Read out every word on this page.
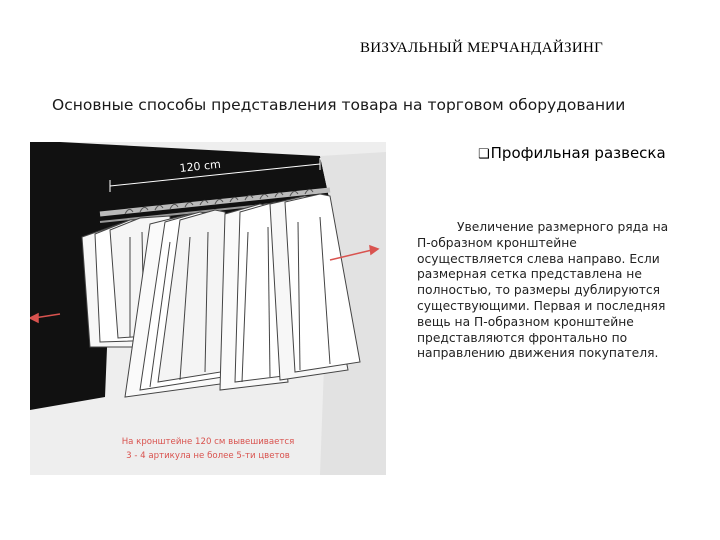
ВИЗУАЛЬНЫЙ МЕРЧАНДАЙЗИНГ
Основные способы представления товара на торговом оборудовании
❑Профильная развеска
Увеличение размерного ряда на П-образном кронштейне осуществляется слева направо. Если размерная сетка представлена не полностью, то размеры дублируются существующими. Первая и последняя вещь на П-образном кронштейне представляются фронтально по направлению движения покупателя.
120 cm
На кронштейне 120 см вывешивается
3 - 4 артикула не более 5-ти цветов
